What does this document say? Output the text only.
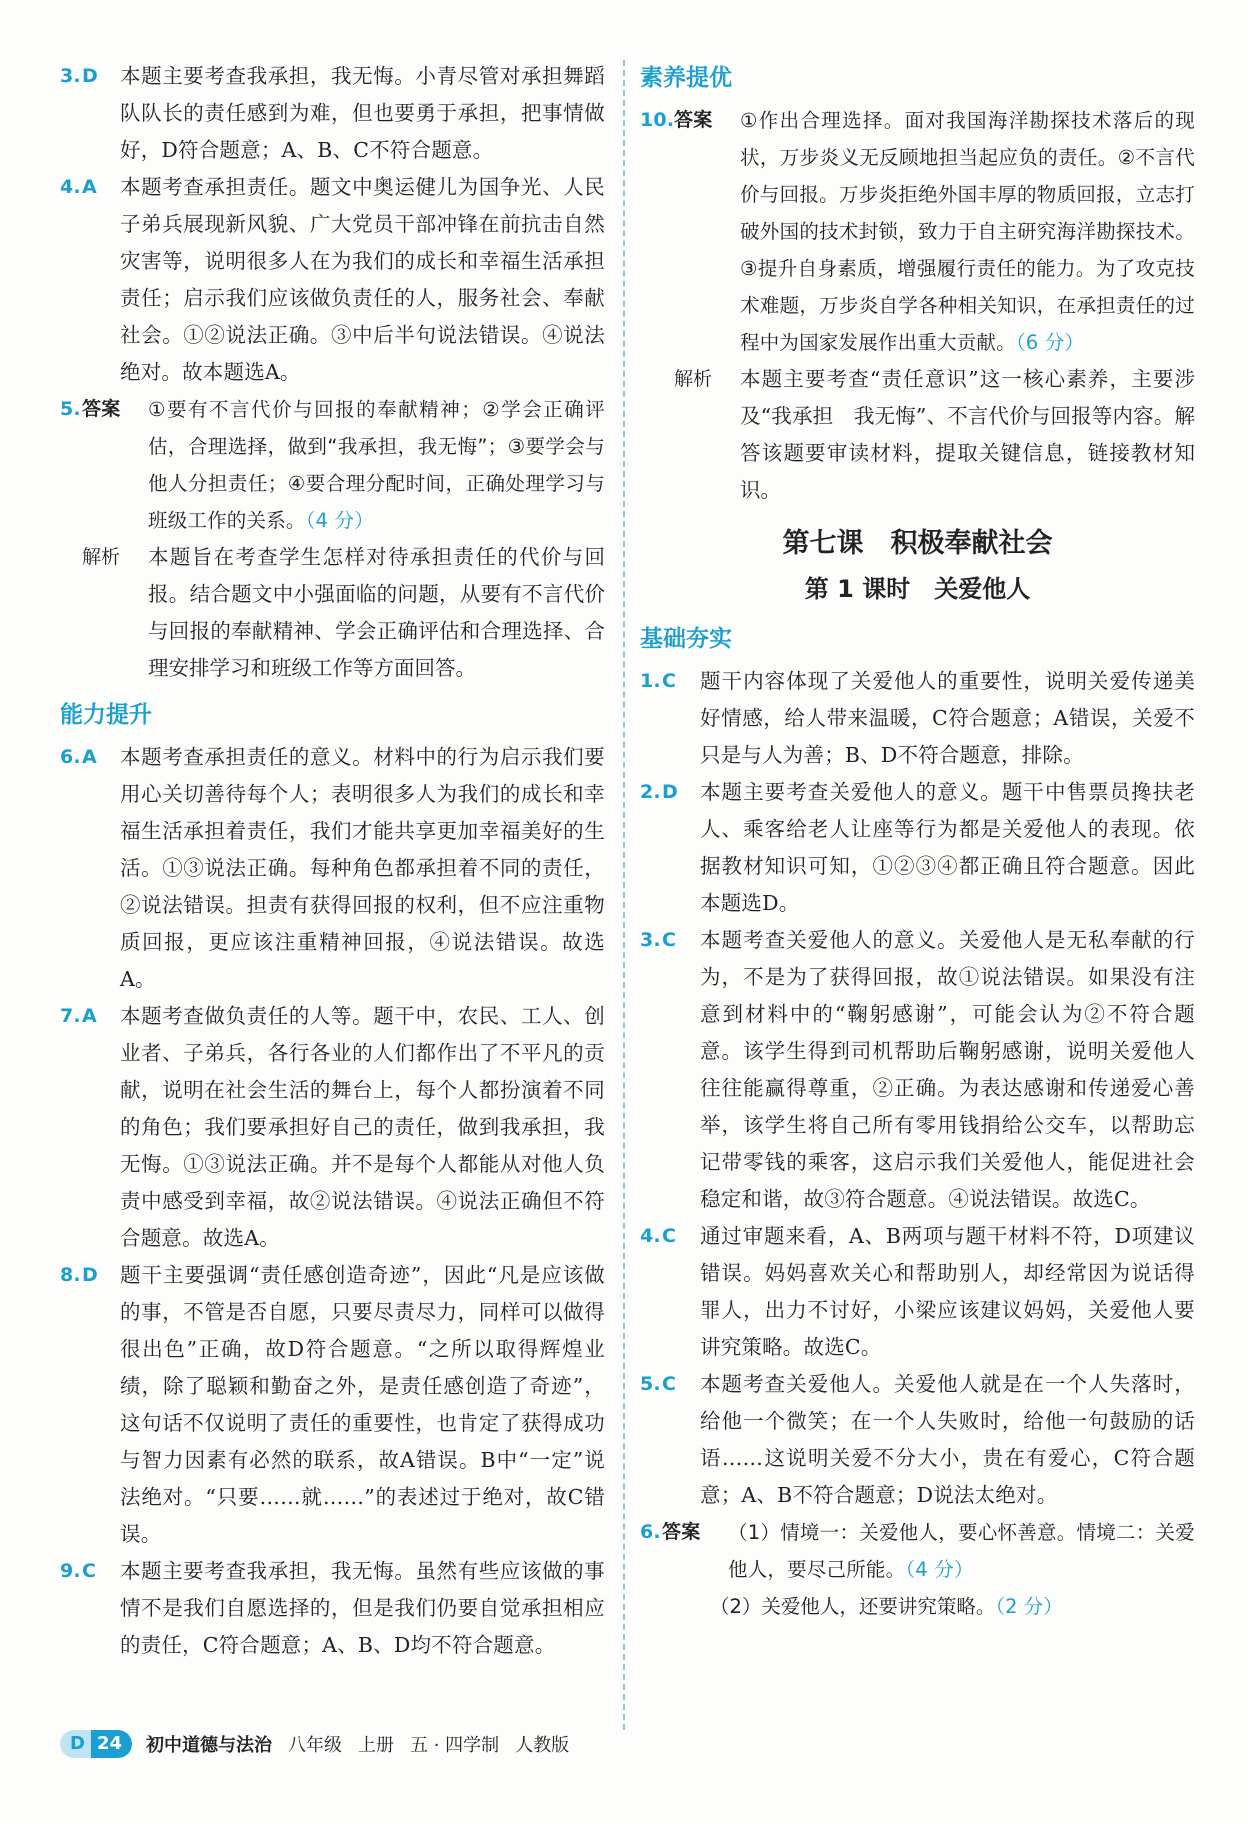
3. D	本题主要考查我承担，我无悔。小青尽管对承担舞蹈队队长的责任感到为难，但也要勇于承担，把事情做好，D符合题意；A、B、C不符合题意。
4. A	本题考查承担责任。题文中奥运健儿为国争光、人民子弟兵展现新风貌、广大党员干部冲锋在前抗击自然灾害等，说明很多人在为我们的成长和幸福生活承担责任；启示我们应该做负责任的人，服务社会、奉献社会。①②说法正确。③中后半句说法错误。④说法绝对。故本题选A。
5. 答案	①要有不言代价与回报的奉献精神；②学会正确评估，合理选择，做到“我承担，我无悔”；③要学会与他人分担责任；④要合理分配时间，正确处理学习与班级工作的关系。（4 分）
解析	本题旨在考查学生怎样对待承担责任的代价与回报。结合题文中小强面临的问题，从要有不言代价与回报的奉献精神、学会正确评估和合理选择、合理安排学习和班级工作等方面回答。
能力提升
6. A	本题考查承担责任的意义。材料中的行为启示我们要用心关切善待每个人；表明很多人为我们的成长和幸福生活承担着责任，我们才能共享更加幸福美好的生活。①③说法正确。每种角色都承担着不同的责任，②说法错误。担责有获得回报的权利，但不应注重物质回报，更应该注重精神回报，④说法错误。故选A。
7. A	本题考查做负责任的人等。题干中，农民、工人、创业者、子弟兵，各行各业的人们都作出了不平凡的贡献，说明在社会生活的舞台上，每个人都扮演着不同的角色；我们要承担好自己的责任，做到我承担，我无悔。①③说法正确。并不是每个人都能从对他人负责中感受到幸福，故②说法错误。④说法正确但不符合题意。故选A。
8. D	题干主要强调“责任感创造奇迹”，因此“凡是应该做的事，不管是否自愿，只要尽责尽力，同样可以做得很出色”正确，故D符合题意。“之所以取得辉煌业绩，除了聪颖和勤奋之外，是责任感创造了奇迹”，这句话不仅说明了责任的重要性，也肯定了获得成功与智力因素有必然的联系，故A错误。B中“一定”说法绝对。“只要……就……”的表述过于绝对，故C错误。
9. C	本题主要考查我承担，我无悔。虽然有些应该做的事情不是我们自愿选择的，但是我们仍要自觉承担相应的责任，C符合题意；A、B、D均不符合题意。
素养提优
10. 答案	①作出合理选择。面对我国海洋勘探技术落后的现状，万步炎义无反顾地担当起应负的责任。②不言代价与回报。万步炎拒绝外国丰厚的物质回报，立志打破外国的技术封锁，致力于自主研究海洋勘探技术。③提升自身素质，增强履行责任的能力。为了攻克技术难题，万步炎自学各种相关知识，在承担责任的过程中为国家发展作出重大贡献。（6 分）
解析	本题主要考查“责任意识”这一核心素养，主要涉及“我承担　我无悔”、不言代价与回报等内容。解答该题要审读材料，提取关键信息，链接教材知识。
第七课　积极奉献社会
第 1 课时　关爱他人
基础夯实
1. C	题干内容体现了关爱他人的重要性，说明关爱传递美好情感，给人带来温暖，C符合题意；A错误，关爱不只是与人为善；B、D不符合题意，排除。
2. D	本题主要考查关爱他人的意义。题干中售票员搀扶老人、乘客给老人让座等行为都是关爱他人的表现。依据教材知识可知，①②③④都正确且符合题意。因此本题选D。
3. C	本题考查关爱他人的意义。关爱他人是无私奉献的行为，不是为了获得回报，故①说法错误。如果没有注意到材料中的“鞠躬感谢”，可能会认为②不符合题意。该学生得到司机帮助后鞠躬感谢，说明关爱他人往往能赢得尊重，②正确。为表达感谢和传递爱心善举，该学生将自己所有零用钱捐给公交车，以帮助忘记带零钱的乘客，这启示我们关爱他人，能促进社会稳定和谐，故③符合题意。④说法错误。故选C。
4. C	通过审题来看，A、B两项与题干材料不符，D项建议错误。妈妈喜欢关心和帮助别人，却经常因为说话得罪人，出力不讨好，小梁应该建议妈妈，关爱他人要讲究策略。故选C。
5. C	本题考查关爱他人。关爱他人就是在一个人失落时，给他一个微笑；在一个人失败时，给他一句鼓励的话语……这说明关爱不分大小，贵在有爱心，C符合题意；A、B不符合题意；D说法太绝对。
6. 答案	（1）情境一：关爱他人，要心怀善意。情境二：关爱他人，要尽己所能。（4 分）
（2）关爱他人，还要讲究策略。（2 分）
D 24	初中道德与法治 八年级 上册 五 · 四学制 人教版
